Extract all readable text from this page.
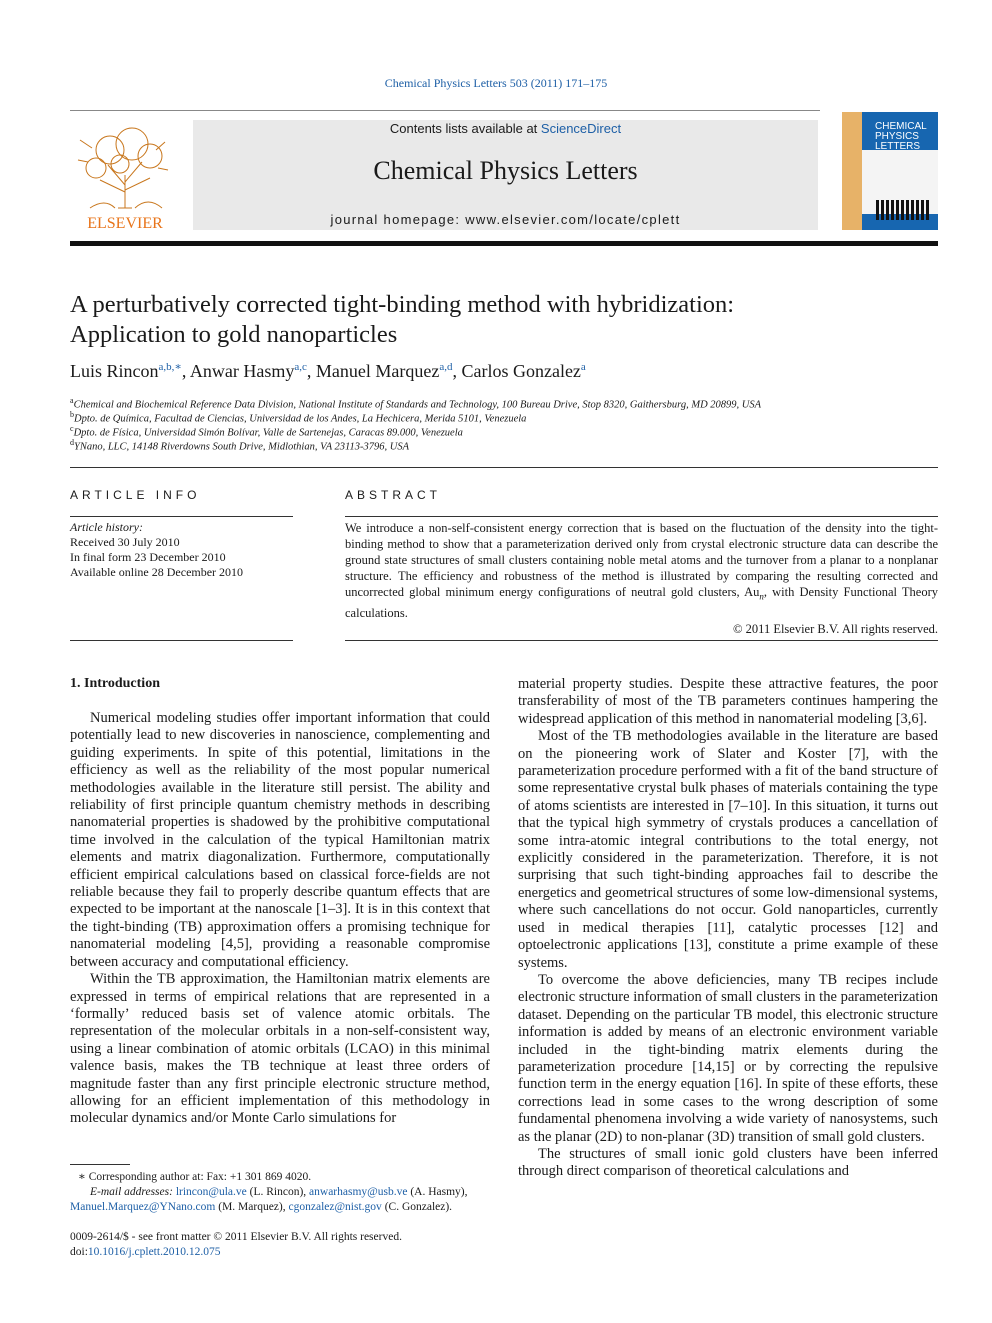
Chemical Physics Letters 503 (2011) 171–175
ELSEVIER
Contents lists available at ScienceDirect
Chemical Physics Letters
journal homepage: www.elsevier.com/locate/cplett
CHEMICAL
PHYSICS
LETTERS
A perturbatively corrected tight-binding method with hybridization:
Application to gold nanoparticles
Luis Rincon$^{a,b,∗}$, Anwar Hasmy$^{a,c}$, Manuel Marquez$^{a,d}$, Carlos Gonzalez$^a$
$^a$Chemical and Biochemical Reference Data Division, National Institute of Standards and Technology, 100 Bureau Drive, Stop 8320, Gaithersburg, MD 20899, USA
$^b$Dpto. de Química, Facultad de Ciencias, Universidad de los Andes, La Hechicera, Merida 5101, Venezuela
$^c$Dpto. de Física, Universidad Simón Bolívar, Valle de Sartenejas, Caracas 89.000, Venezuela
$^d$YNano, LLC, 14148 Riverdowns South Drive, Midlothian, VA 23113-3796, USA
ARTICLE INFO
Article history:
Received 30 July 2010
In final form 23 December 2010
Available online 28 December 2010
ABSTRACT
We introduce a non-self-consistent energy correction that is based on the fluctuation of the density into the tight-binding method to show that a parameterization derived only from crystal electronic structure data can describe the ground state structures of small clusters containing noble metal atoms and the turnover from a planar to a nonplanar structure. The efficiency and robustness of the method is illustrated by comparing the resulting corrected and uncorrected global minimum energy configurations of neutral gold clusters, $Au_n$, with Density Functional Theory calculations.
© 2011 Elsevier B.V. All rights reserved.
1. Introduction

Numerical modeling studies offer important information that could potentially lead to new discoveries in nanoscience, complementing and guiding experiments. In spite of this potential, limitations in the efficiency as well as the reliability of the most popular numerical methodologies available in the literature still persist. The ability and reliability of first principle quantum chemistry methods in describing nanomaterial properties is shadowed by the prohibitive computational time involved in the calculation of the typical Hamiltonian matrix elements and matrix diagonalization. Furthermore, computationally efficient empirical calculations based on classical force-fields are not reliable because they fail to properly describe quantum effects that are expected to be important at the nanoscale [1–3]. It is in this context that the tight-binding (TB) approximation offers a promising technique for nanomaterial modeling [4,5], providing a reasonable compromise between accuracy and computational efficiency.

Within the TB approximation, the Hamiltonian matrix elements are expressed in terms of empirical relations that are represented in a ‘formally’ reduced basis set of valence atomic orbitals. The representation of the molecular orbitals in a non-self-consistent way, using a linear combination of atomic orbitals (LCAO) in this minimal valence basis, makes the TB technique at least three orders of magnitude faster than any first principle electronic structure method, allowing for an efficient implementation of this methodology in molecular dynamics and/or Monte Carlo simulations for

material property studies. Despite these attractive features, the poor transferability of most of the TB parameters continues hampering the widespread application of this method in nanomaterial modeling [3,6].

Most of the TB methodologies available in the literature are based on the pioneering work of Slater and Koster [7], with the parameterization procedure performed with a fit of the band structure of some representative crystal bulk phases of materials containing the type of atoms scientists are interested in [7–10]. In this situation, it turns out that the typical high symmetry of crystals produces a cancellation of some intra-atomic integral contributions to the total energy, not explicitly considered in the parameterization. Therefore, it is not surprising that such tight-binding approaches fail to describe the energetics and geometrical structures of some low-dimensional systems, where such cancellations do not occur. Gold nanoparticles, currently used in medical therapies [11], catalytic processes [12] and optoelectronic applications [13], constitute a prime example of these systems.

To overcome the above deficiencies, many TB recipes include electronic structure information of small clusters in the parameterization dataset. Depending on the particular TB model, this electronic structure information is added by means of an electronic environment variable included in the tight-binding matrix elements during the parameterization procedure [14,15] or by correcting the repulsive function term in the energy equation [16]. In spite of these efforts, these corrections lead in some cases to the wrong description of some fundamental phenomena involving a wide variety of nanosystems, such as the planar (2D) to non-planar (3D) transition of small gold clusters.

The structures of small ionic gold clusters have been inferred through direct comparison of theoretical calculations and

∗ Corresponding author at: Fax: +1 301 869 4020.
E-mail addresses: lrincon@ula.ve (L. Rincon), anwarhasmy@usb.ve (A. Hasmy),
Manuel.Marquez@YNano.com (M. Marquez), cgonzalez@nist.gov (C. Gonzalez).
0009-2614/$ - see front matter © 2011 Elsevier B.V. All rights reserved.
doi:10.1016/j.cplett.2010.12.075
